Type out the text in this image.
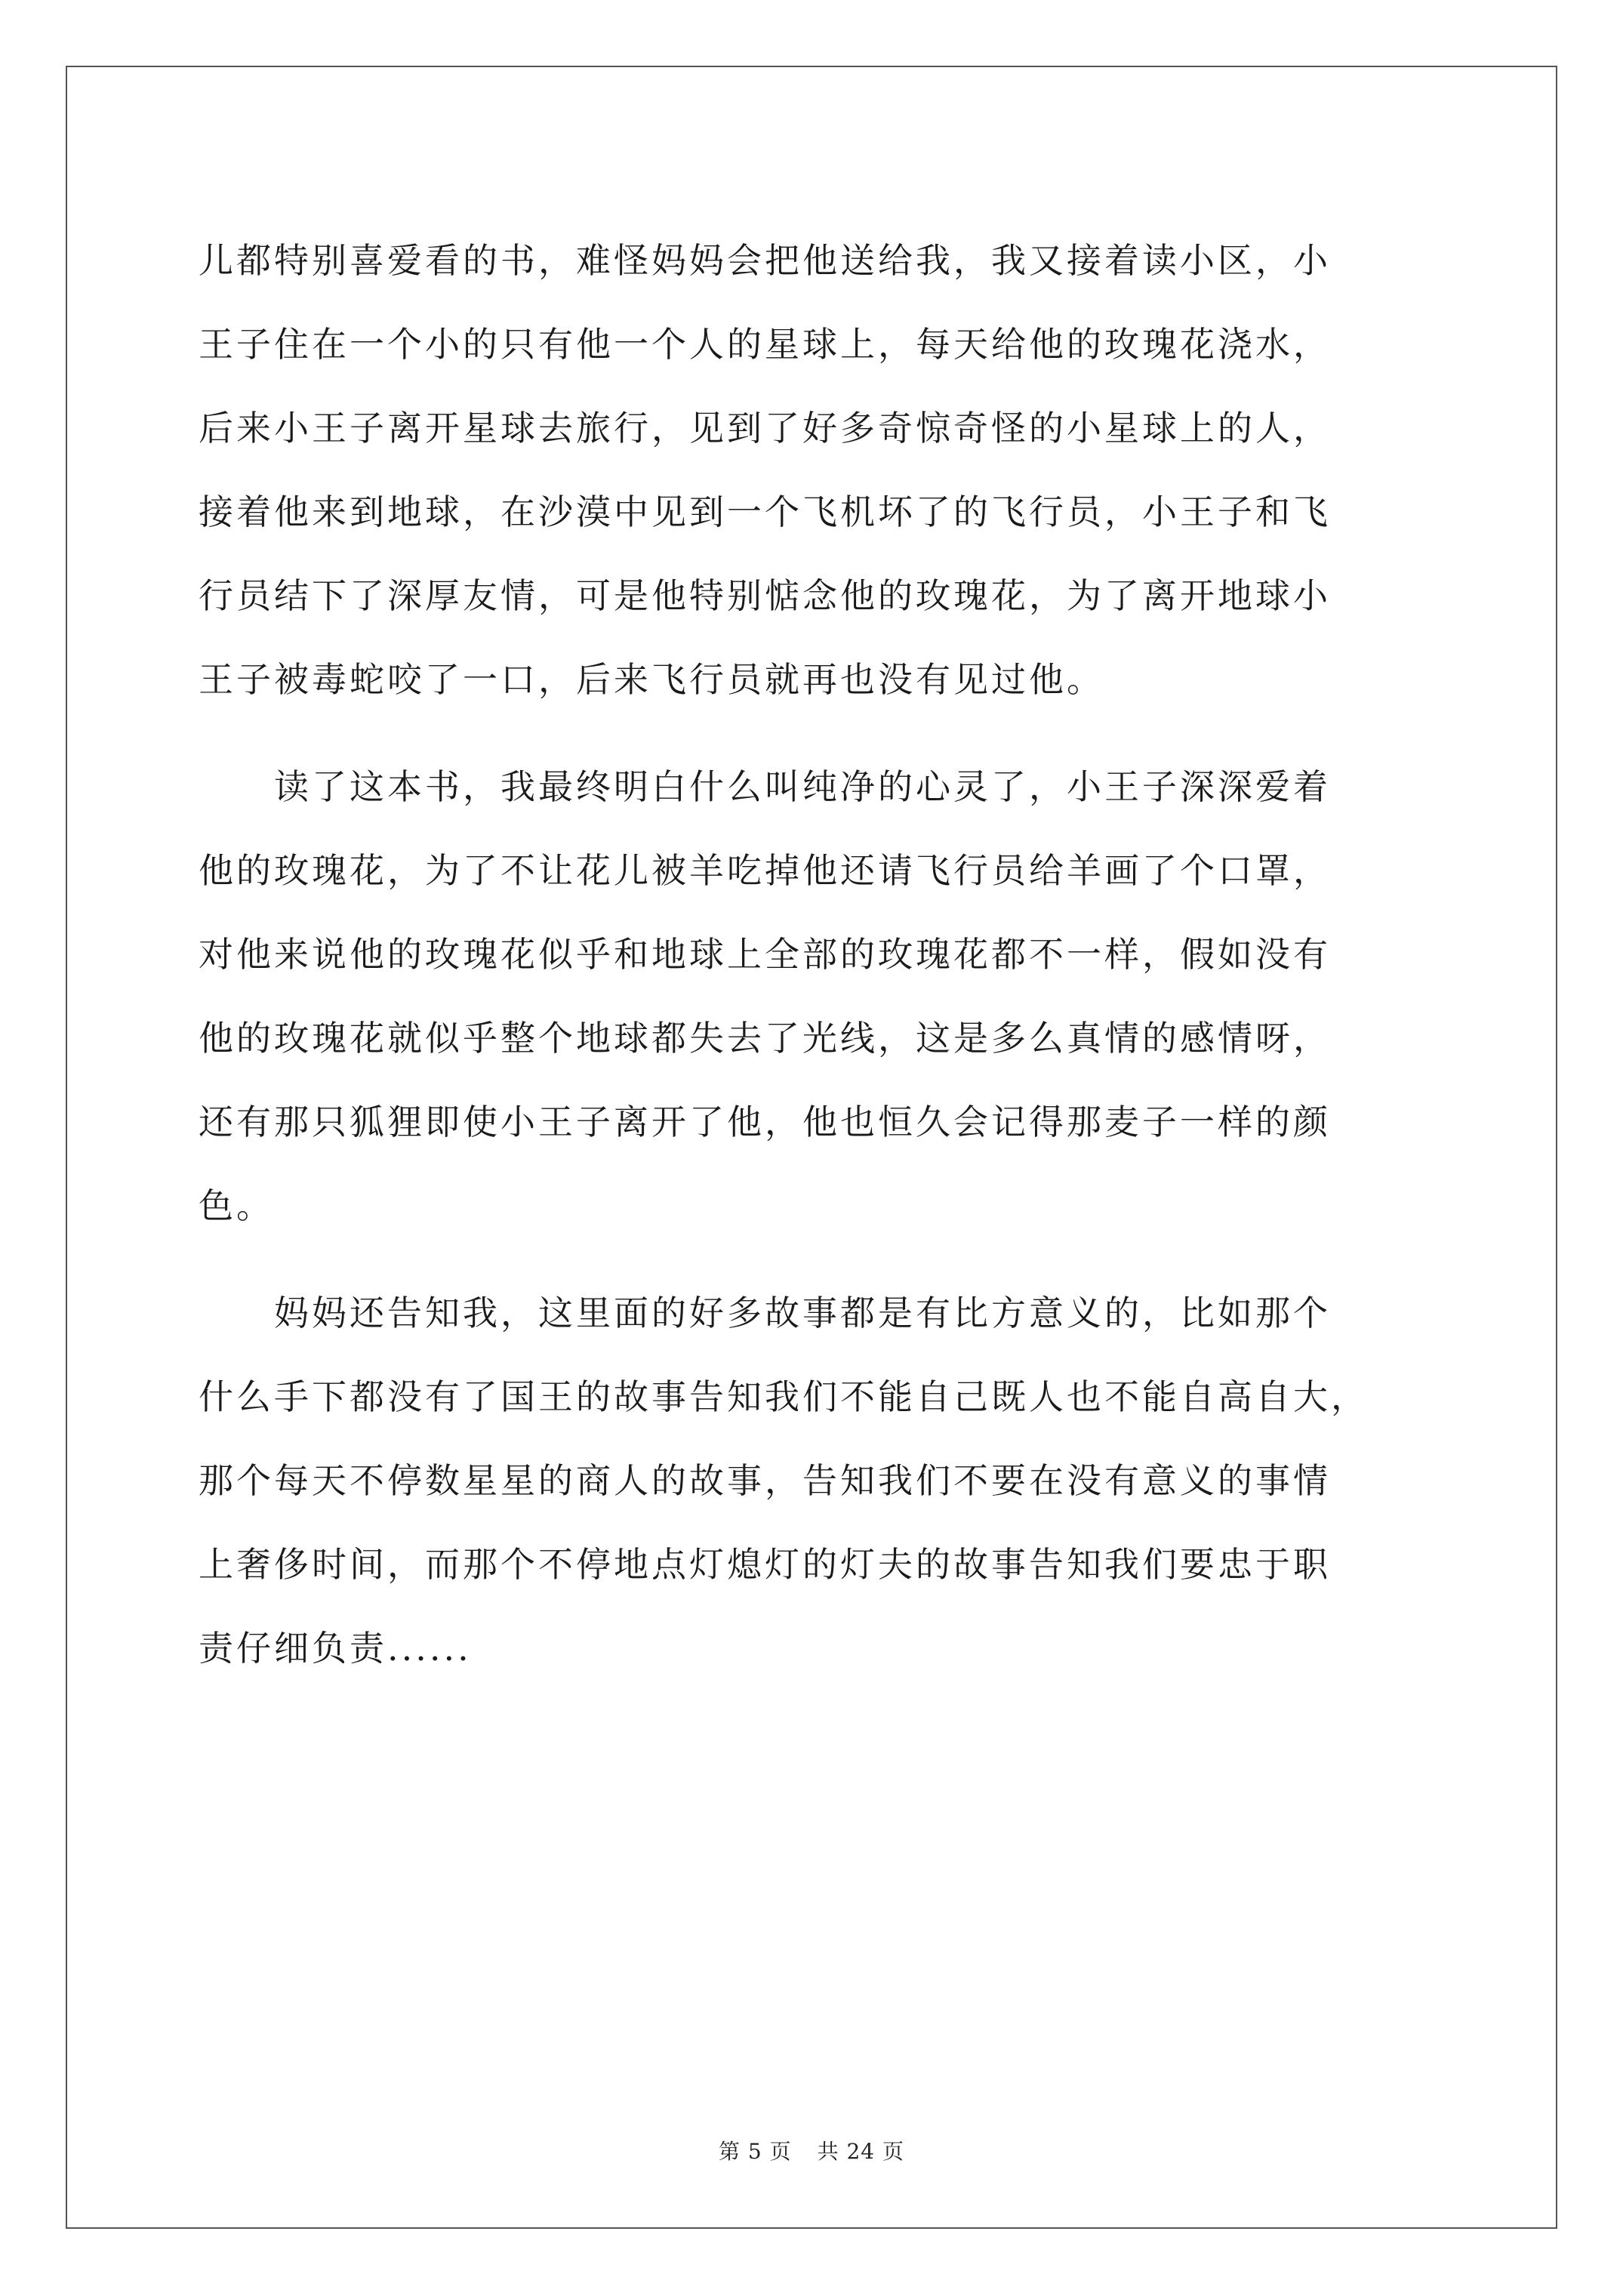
儿都特别喜爱看的书，难怪妈妈会把他送给我，我又接着读小区，小
王子住在一个小的只有他一个人的星球上，每天给他的玫瑰花浇水，
后来小王子离开星球去旅行，见到了好多奇惊奇怪的小星球上的人，
接着他来到地球，在沙漠中见到一个飞机坏了的飞行员，小王子和飞
行员结下了深厚友情，可是他特别惦念他的玫瑰花，为了离开地球小
王子被毒蛇咬了一口，后来飞行员就再也没有见过他。
　　读了这本书，我最终明白什么叫纯净的心灵了，小王子深深爱着
他的玫瑰花，为了不让花儿被羊吃掉他还请飞行员给羊画了个口罩，
对他来说他的玫瑰花似乎和地球上全部的玫瑰花都不一样，假如没有
他的玫瑰花就似乎整个地球都失去了光线，这是多么真情的感情呀，
还有那只狐狸即使小王子离开了他，他也恒久会记得那麦子一样的颜
色。
　　妈妈还告知我，这里面的好多故事都是有比方意义的，比如那个
什么手下都没有了国王的故事告知我们不能自己既人也不能自高自大，
那个每天不停数星星的商人的故事，告知我们不要在没有意义的事情
上奢侈时间，而那个不停地点灯熄灯的灯夫的故事告知我们要忠于职
责仔细负责......
第 5 页 共 24 页
